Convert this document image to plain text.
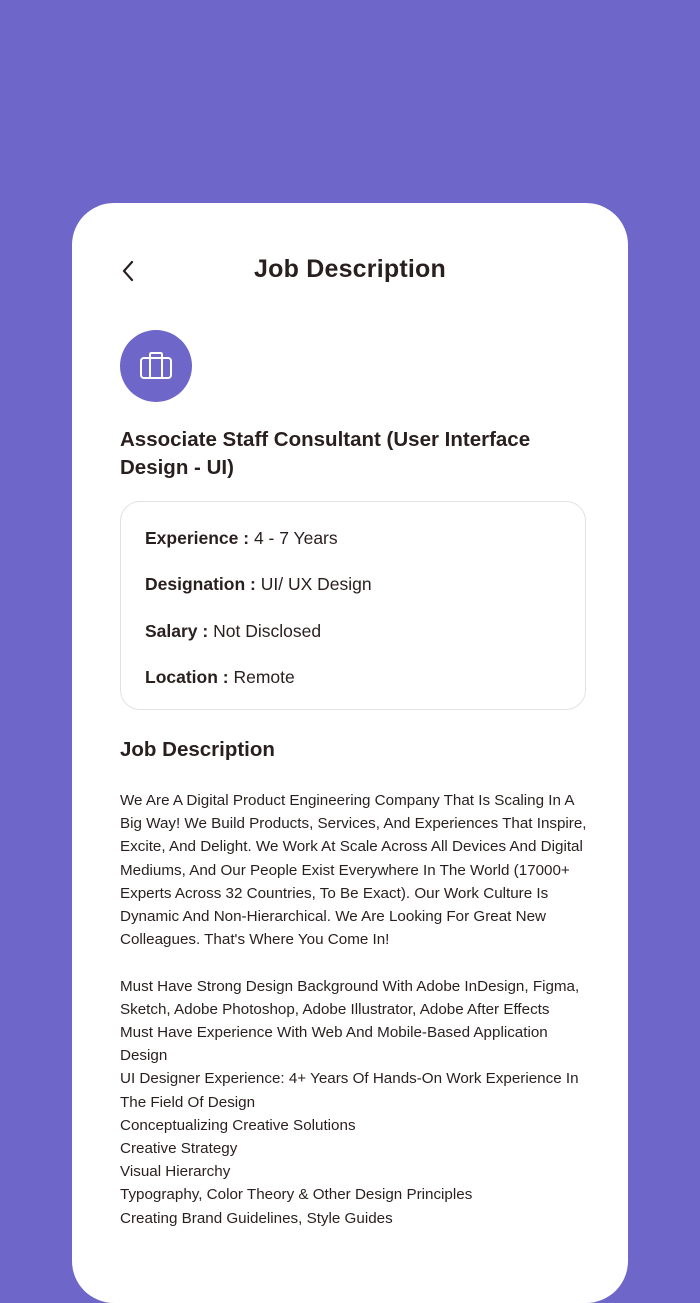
Job Description
Associate Staff Consultant (User Interface Design - UI)
Experience : 4 - 7 Years
Designation : UI/ UX Design
Salary : Not Disclosed
Location : Remote
Job Description

We Are A Digital Product Engineering Company That Is Scaling In A Big Way! We Build Products, Services, And Experiences That Inspire, Excite, And Delight. We Work At Scale Across All Devices And Digital Mediums, And Our People Exist Everywhere In The World (17000+ Experts Across 32 Countries, To Be Exact). Our Work Culture Is Dynamic And Non-Hierarchical. We Are Looking For Great New Colleagues. That's Where You Come In!

Must Have Strong Design Background With Adobe InDesign, Figma, Sketch, Adobe Photoshop, Adobe Illustrator, Adobe After Effects

Must Have Experience With Web And Mobile-Based Application Design

UI Designer Experience: 4+ Years Of Hands-On Work Experience In The Field Of Design

Conceptualizing Creative Solutions

Creative Strategy

Visual Hierarchy

Typography, Color Theory & Other Design Principles

Creating Brand Guidelines, Style Guides
